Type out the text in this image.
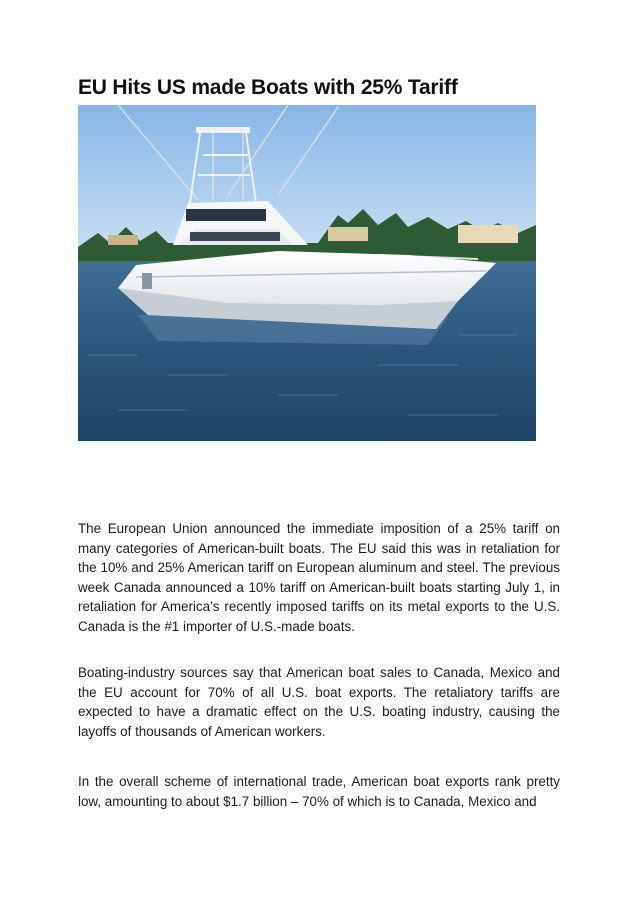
EU Hits US made Boats with 25% Tariff

The European Union announced the immediate imposition of a 25% tariff on many categories of American-built boats. The EU said this was in retaliation for the 10% and 25% American tariff on European aluminum and steel. The previous week Canada announced a 10% tariff on American-built boats starting July 1, in retaliation for America’s recently imposed tariffs on its metal exports to the U.S. Canada is the #1 importer of U.S.-made boats.

Boating-industry sources say that American boat sales to Canada, Mexico and the EU account for 70% of all U.S. boat exports. The retaliatory tariffs are expected to have a dramatic effect on the U.S. boating industry, causing the layoffs of thousands of American workers.

In the overall scheme of international trade, American boat exports rank pretty low, amounting to about $1.7 billion – 70% of which is to Canada, Mexico and
